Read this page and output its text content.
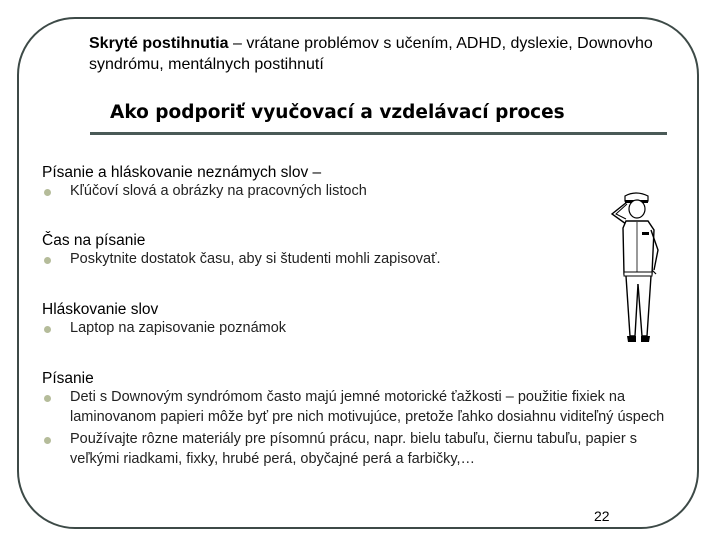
Skryté postihnutia – vrátane problémov s učením, ADHD, dyslexie, Downovho syndrómu, mentálnych postihnutí
Ako podporiť vyučovací a vzdelávací proces
Písanie a hláskovanie neznámych slov –
Kľúčoví slová a obrázky na pracovných listoch
Čas na písanie
Poskytnite dostatok času, aby si študenti mohli zapisovať.
Hláskovanie slov
Laptop na zapisovanie poznámok
Písanie
Deti s Downovým syndrómom často majú jemné motorické ťažkosti – použitie fixiek na laminovanom papieri môže byť pre nich motivujúce, pretože ľahko dosiahnu viditeľný úspech
Používajte rôzne materiály pre písomnú prácu, napr. bielu tabuľu, čiernu tabuľu, papier s veľkými riadkami, fixky, hrubé perá, obyčajné perá a farbičky,…
22
